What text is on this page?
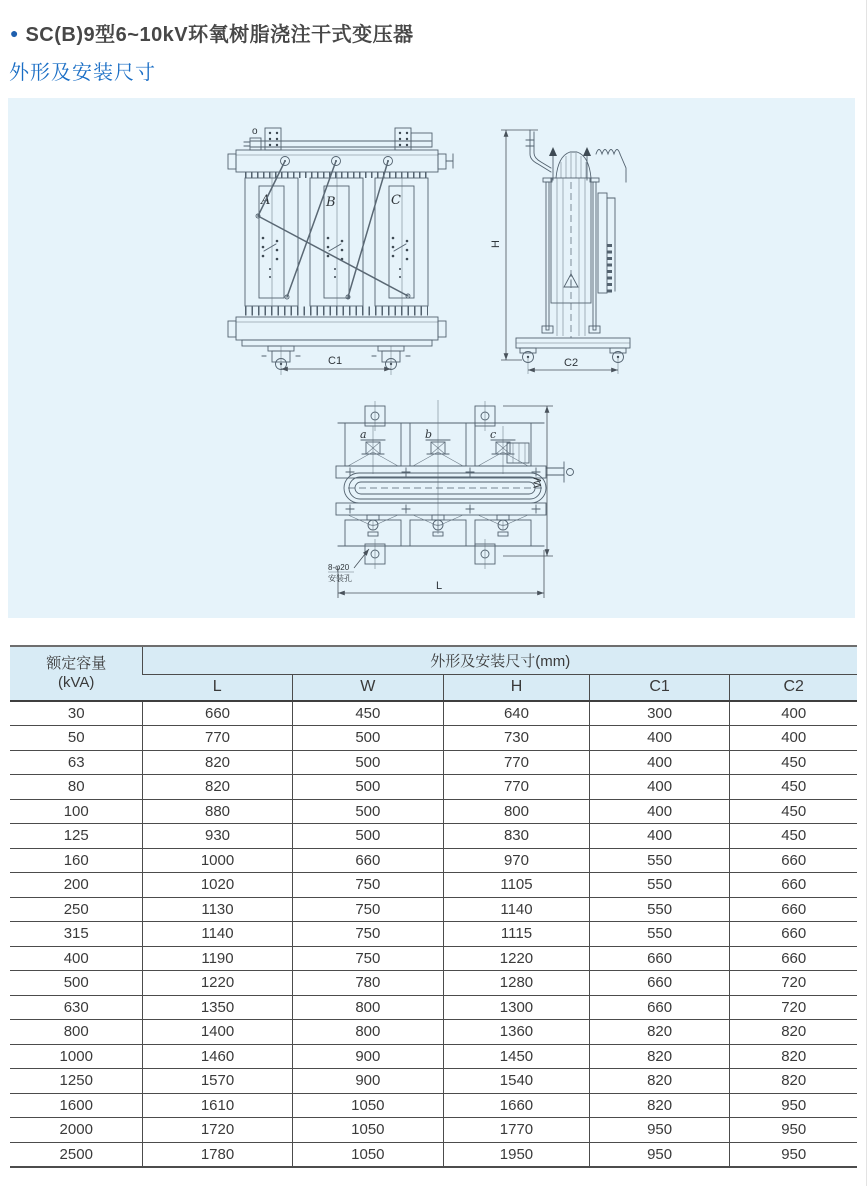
● SC(B)9型6~10kV环氧树脂浇注干式变压器
外形及安装尺寸
o
A	B	C
C1
H
C2
a	b	c
W
L
8-φ20
安装孔
额定容量
(kVA)	外形及安装尺寸(mm)				
	L	W	H	C1	C2
30	660	450	640	300	400
50	770	500	730	400	400
63	820	500	770	400	450
80	820	500	770	400	450
100	880	500	800	400	450
125	930	500	830	400	450
160	1000	660	970	550	660
200	1020	750	1105	550	660
250	1130	750	1140	550	660
315	1140	750	1115	550	660
400	1190	750	1220	660	660
500	1220	780	1280	660	720
630	1350	800	1300	660	720
800	1400	800	1360	820	820
1000	1460	900	1450	820	820
1250	1570	900	1540	820	820
1600	1610	1050	1660	820	950
2000	1720	1050	1770	950	950
2500	1780	1050	1950	950	950
